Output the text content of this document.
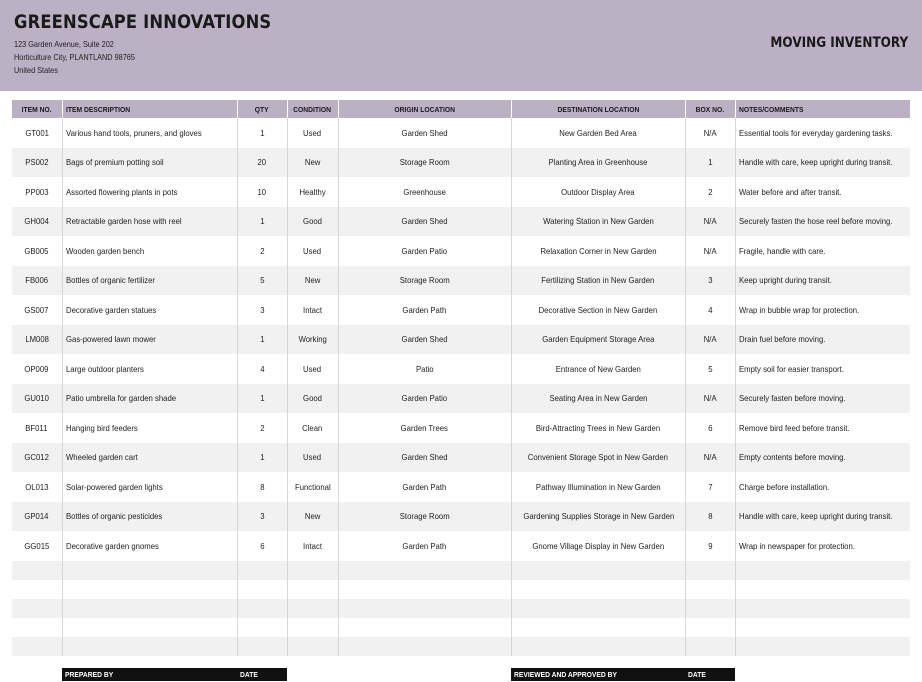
GREENSCAPE INNOVATIONS
123 Garden Avenue, Suite 202
Horticulture City, PLANTLAND 98765
United States
MOVING INVENTORY
ITEM NO.	ITEM DESCRIPTION	QTY	CONDITION	ORIGIN LOCATION	DESTINATION LOCATION	BOX NO.	NOTES/COMMENTS
GT001	Various hand tools, pruners, and gloves	1	Used	Garden Shed	New Garden Bed Area	N/A	Essential tools for everyday gardening tasks.
PS002	Bags of premium potting soil	20	New	Storage Room	Planting Area in Greenhouse	1	Handle with care, keep upright during transit.
PP003	Assorted flowering plants in pots	10	Healthy	Greenhouse	Outdoor Display Area	2	Water before and after transit.
GH004	Retractable garden hose with reel	1	Good	Garden Shed	Watering Station in New Garden	N/A	Securely fasten the hose reel before moving.
GB005	Wooden garden bench	2	Used	Garden Patio	Relaxation Corner in New Garden	N/A	Fragile, handle with care.
FB006	Bottles of organic fertilizer	5	New	Storage Room	Fertilizing Station in New Garden	3	Keep upright during transit.
GS007	Decorative garden statues	3	Intact	Garden Path	Decorative Section in New Garden	4	Wrap in bubble wrap for protection.
LM008	Gas-powered lawn mower	1	Working	Garden Shed	Garden Equipment Storage Area	N/A	Drain fuel before moving.
OP009	Large outdoor planters	4	Used	Patio	Entrance of New Garden	5	Empty soil for easier transport.
GU010	Patio umbrella for garden shade	1	Good	Garden Patio	Seating Area in New Garden	N/A	Securely fasten before moving.
BF011	Hanging bird feeders	2	Clean	Garden Trees	Bird-Attracting Trees in New Garden	6	Remove bird feed before transit.
GC012	Wheeled garden cart	1	Used	Garden Shed	Convenient Storage Spot in New Garden	N/A	Empty contents before moving.
OL013	Solar-powered garden lights	8	Functional	Garden Path	Pathway Illumination in New Garden	7	Charge before installation.
GP014	Bottles of organic pesticides	3	New	Storage Room	Gardening Supplies Storage in New Garden	8	Handle with care, keep upright during transit.
GG015	Decorative garden gnomes	6	Intact	Garden Path	Gnome Village Display in New Garden	9	Wrap in newspaper for protection.

PREPARED BY	DATE	REVIEWED AND APPROVED BY	DATE
